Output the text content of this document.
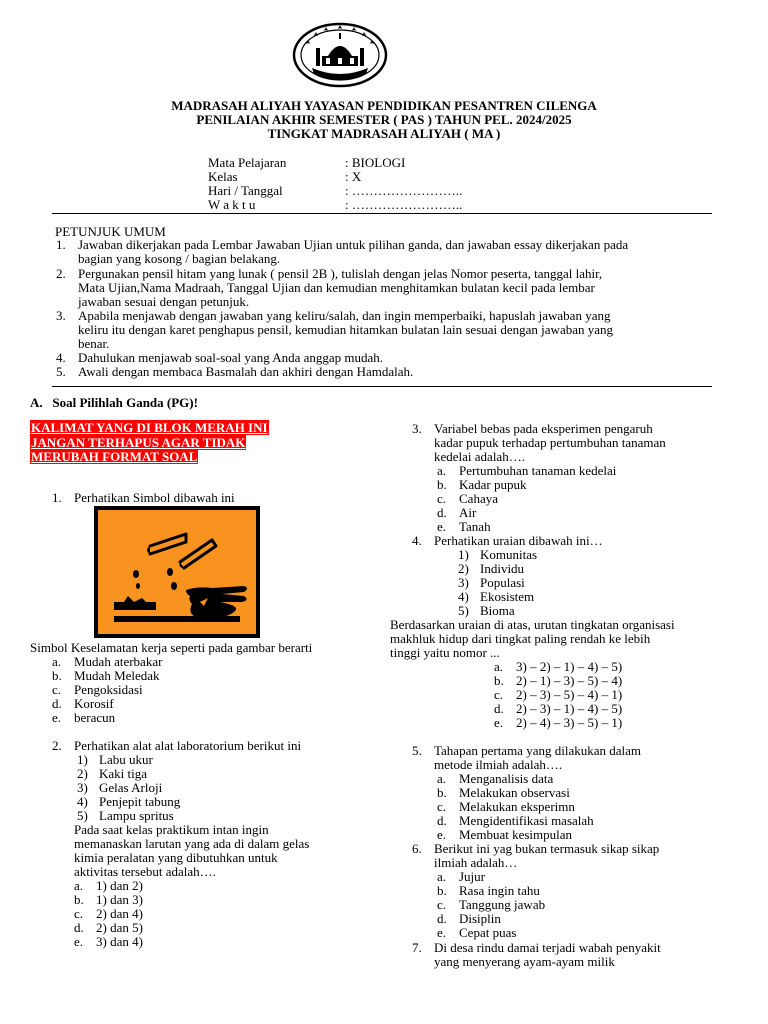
MADRASAH ALIYAH YAYASAN PENDIDIKAN PESANTREN CILENGA
PENILAIAN AKHIR SEMESTER ( PAS ) TAHUN PEL. 2024/2025
TINGKAT MADRASAH ALIYAH ( MA )
Mata Pelajaran	: BIOLOGI
Kelas	: X
Hari / Tanggal	: ……………………..
W a k t u	: ……………………..
PETUNJUK UMUM
1. Jawaban dikerjakan pada Lembar Jawaban Ujian untuk pilihan ganda, dan jawaban essay dikerjakan pada
bagian yang kosong / bagian belakang.
2. Pergunakan pensil hitam yang lunak ( pensil 2B ), tulislah dengan jelas Nomor peserta, tanggal lahir,
Mata Ujian,Nama Madraah, Tanggal Ujian dan kemudian menghitamkan bulatan kecil pada lembar
jawaban sesuai dengan petunjuk.
3. Apabila menjawab dengan jawaban yang keliru/salah, dan ingin memperbaiki, hapuslah jawaban yang
keliru itu dengan karet penghapus pensil, kemudian hitamkan bulatan lain sesuai dengan jawaban yang
benar.
4. Dahulukan menjawab soal-soal yang Anda anggap mudah.
5. Awali dengan membaca Basmalah dan akhiri dengan Hamdalah.
A.   Soal Pilihlah Ganda (PG)!
KALIMAT YANG DI BLOK MERAH INI
JANGAN TERHAPUS AGAR TIDAK
MERUBAH FORMAT SOAL
1. Perhatikan Simbol dibawah ini
Simbol Keselamatan kerja seperti pada gambar berarti
a. Mudah aterbakar
b. Mudah Meledak
c. Pengoksidasi
d. Korosif
e. beracun
2. Perhatikan alat alat laboratorium berikut ini
1) Labu ukur
2) Kaki tiga
3) Gelas Arloji
4) Penjepit tabung
5) Lampu spritus
Pada saat kelas praktikum intan ingin
memanaskan larutan yang ada di dalam gelas
kimia peralatan yang dibutuhkan untuk
aktivitas tersebut adalah….
a. 1) dan 2)
b. 1) dan 3)
c. 2) dan 4)
d. 2) dan 5)
e. 3) dan 4)
3. Variabel bebas pada eksperimen pengaruh
kadar pupuk terhadap pertumbuhan tanaman
kedelai adalah….
a. Pertumbuhan tanaman kedelai
b. Kadar pupuk
c. Cahaya
d. Air
e. Tanah
4. Perhatikan uraian dibawah ini…
1) Komunitas
2) Individu
3) Populasi
4) Ekosistem
5) Bioma
Berdasarkan uraian di atas, urutan tingkatan organisasi
makhluk hidup dari tingkat paling rendah ke lebih
tinggi yaitu nomor ...
a. 3) – 2) – 1) – 4) – 5)
b. 2) – 1) – 3) – 5) – 4)
c. 2) – 3) – 5) – 4) – 1)
d. 2) – 3) – 1) – 4) – 5)
e. 2) – 4) – 3) – 5) – 1)
5. Tahapan pertama yang dilakukan dalam
metode ilmiah adalah….
a. Menganalisis data
b. Melakukan observasi
c. Melakukan eksperimn
d. Mengidentifikasi masalah
e. Membuat kesimpulan
6. Berikut ini yag bukan termasuk sikap sikap
ilmiah adalah…
a. Jujur
b. Rasa ingin tahu
c. Tanggung jawab
d. Disiplin
e. Cepat puas
7. Di desa rindu damai terjadi wabah penyakit
yang menyerang ayam-ayam milik
